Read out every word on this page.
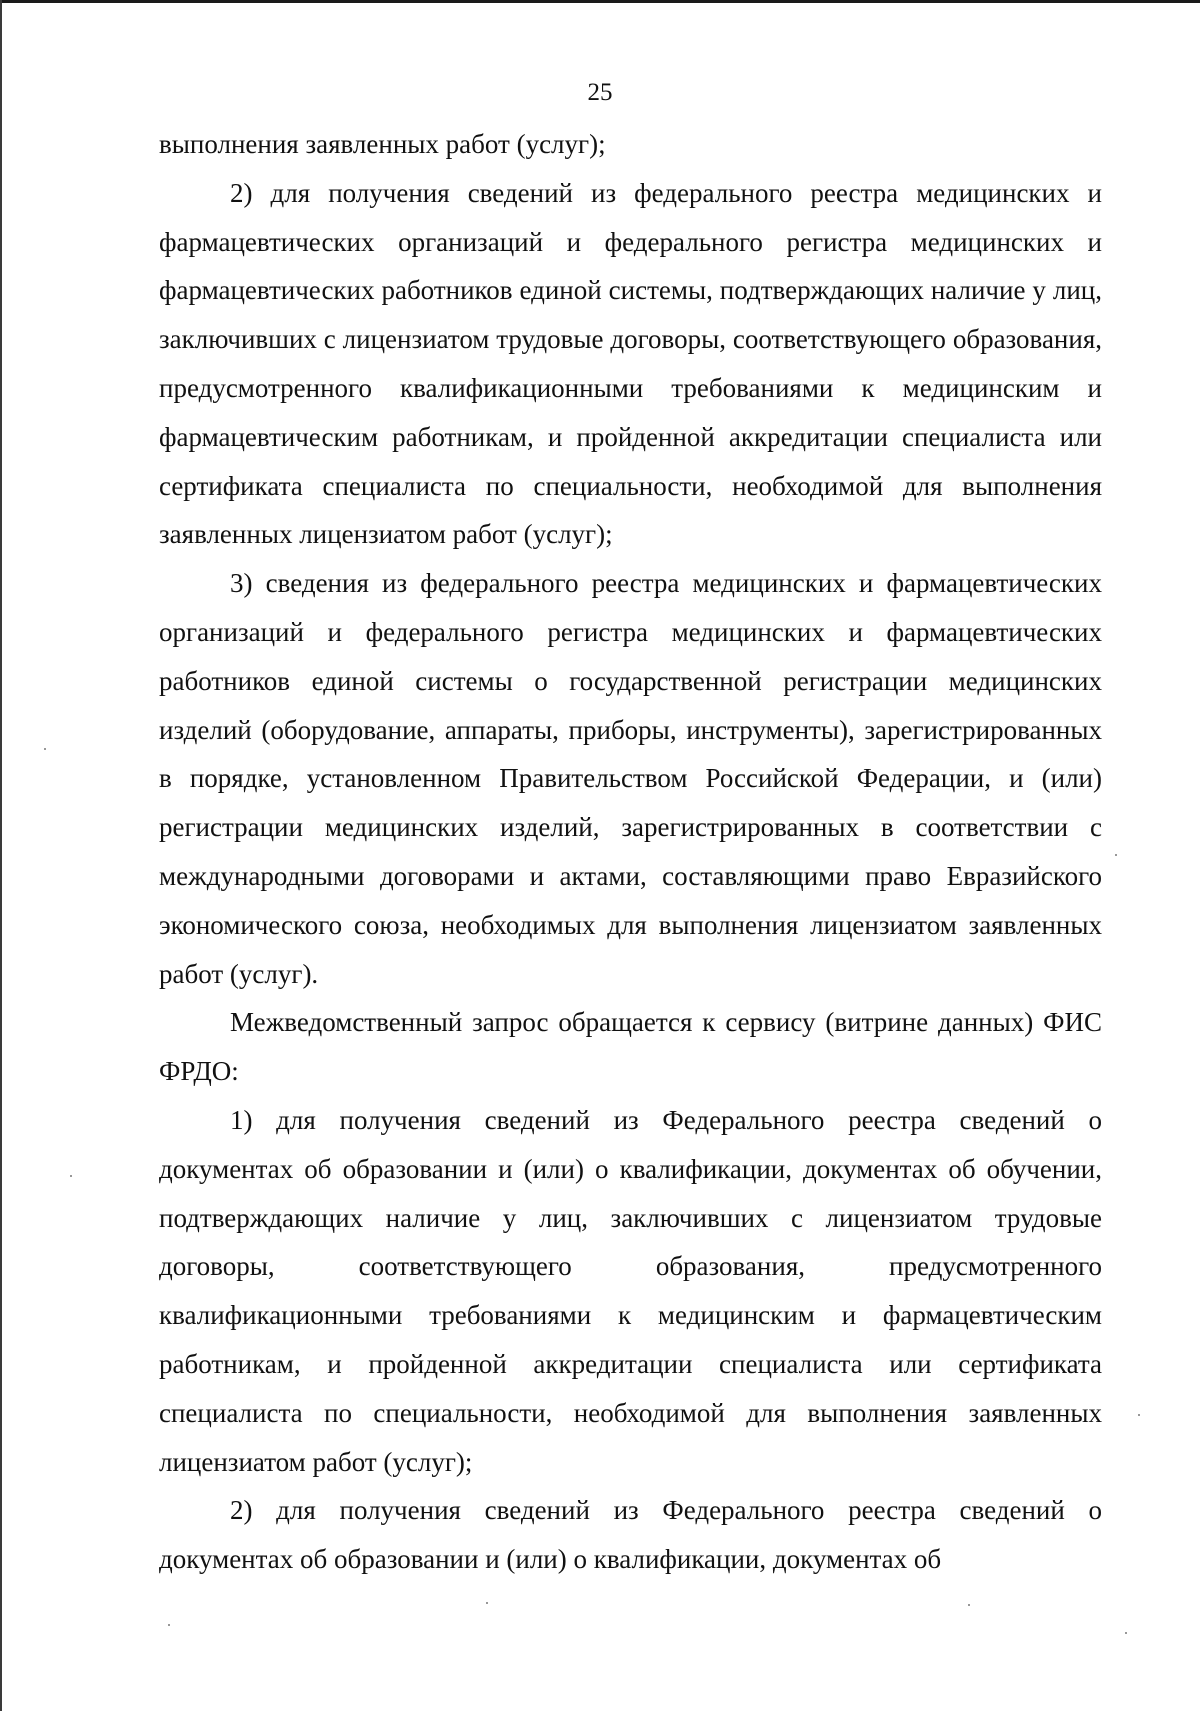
25

выполнения заявленных работ (услуг);

2) для получения сведений из федерального реестра медицинских и фармацевтических организаций и федерального регистра медицинских и фармацевтических работников единой системы, подтверждающих наличие у лиц, заключивших с лицензиатом трудовые договоры, соответствующего образования, предусмотренного квалификационными требованиями к медицинским и фармацевтическим работникам, и пройденной аккредитации специалиста или сертификата специалиста по специальности, необходимой для выполнения заявленных лицензиатом работ (услуг);

3) сведения из федерального реестра медицинских и фармацевтических организаций и федерального регистра медицинских и фармацевтических работников единой системы о государственной регистрации медицинских изделий (оборудование, аппараты, приборы, инструменты), зарегистрированных в порядке, установленном Правительством Российской Федерации, и (или) регистрации медицинских изделий, зарегистрированных в соответствии с международными договорами и актами, составляющими право Евразийского экономического союза, необходимых для выполнения лицензиатом заявленных работ (услуг).

Межведомственный запрос обращается к сервису (витрине данных) ФИС ФРДО:

1) для получения сведений из Федерального реестра сведений о документах об образовании и (или) о квалификации, документах об обучении, подтверждающих наличие у лиц, заключивших с лицензиатом трудовые договоры, соответствующего образования, предусмотренного квалификационными требованиями к медицинским и фармацевтическим работникам, и пройденной аккредитации специалиста или сертификата специалиста по специальности, необходимой для выполнения заявленных лицензиатом работ (услуг);

2) для получения сведений из Федерального реестра сведений о документах об образовании и (или) о квалификации, документах об
